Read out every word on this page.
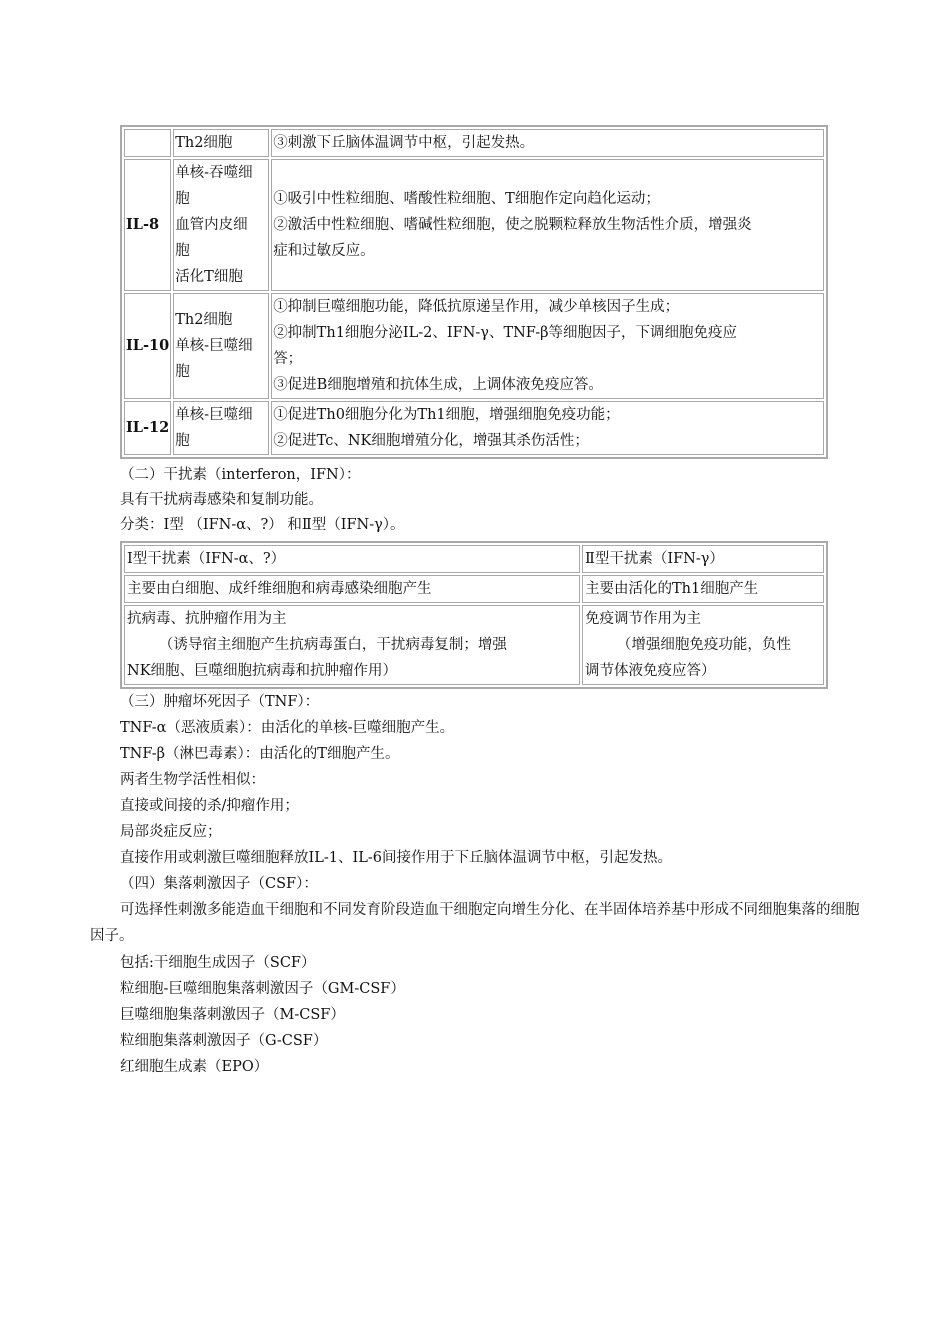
	Th2细胞	③刺激下丘脑体温调节中枢，引起发热。

IL-8	单核-吞噬细
胞
血管内皮细
胞
活化T细胞	①吸引中性粒细胞、嗜酸性粒细胞、T细胞作定向趋化运动；
②激活中性粒细胞、嗜碱性粒细胞，使之脱颗粒释放生物活性介质，增强炎
症和过敏反应。

IL-10	Th2细胞
单核-巨噬细
胞	①抑制巨噬细胞功能，降低抗原递呈作用，减少单核因子生成；
②抑制Th1细胞分泌IL-2、IFN-γ、TNF-β等细胞因子，下调细胞免疫应
答；
③促进B细胞增殖和抗体生成，上调体液免疫应答。

IL-12	单核-巨噬细
胞	①促进Th0细胞分化为Th1细胞，增强细胞免疫功能；
②促进Tc、NK细胞增殖分化，增强其杀伤活性；
（二）干扰素（interferon，IFN）：
具有干扰病毒感染和复制功能。
分类：Ⅰ型 （IFN-α、?） 和Ⅱ型（IFN-γ）。
Ⅰ型干扰素（IFN-α、?）	Ⅱ型干扰素（IFN-γ）

主要由白细胞、成纤维细胞和病毒感染细胞产生	主要由活化的Th1细胞产生

抗病毒、抗肿瘤作用为主
（诱导宿主细胞产生抗病毒蛋白，干扰病毒复制；增强
NK细胞、巨噬细胞抗病毒和抗肿瘤作用）	免疫调节作用为主
（增强细胞免疫功能，负性
调节体液免疫应答）
（三）肿瘤坏死因子（TNF）：
TNF-α（恶液质素）：由活化的单核-巨噬细胞产生。
TNF-β（淋巴毒素）：由活化的T细胞产生。
两者生物学活性相似：
直接或间接的杀/抑瘤作用；
局部炎症反应；
直接作用或刺激巨噬细胞释放IL-1、IL-6间接作用于下丘脑体温调节中枢，引起发热。
（四）集落刺激因子（CSF）：
可选择性刺激多能造血干细胞和不同发育阶段造血干细胞定向增生分化、在半固体培养基中形成不同细胞集落的细胞因子。
包括:干细胞生成因子（SCF）
粒细胞-巨噬细胞集落刺激因子（GM-CSF）
巨噬细胞集落刺激因子（M-CSF）
粒细胞集落刺激因子（G-CSF）
红细胞生成素（EPO）
